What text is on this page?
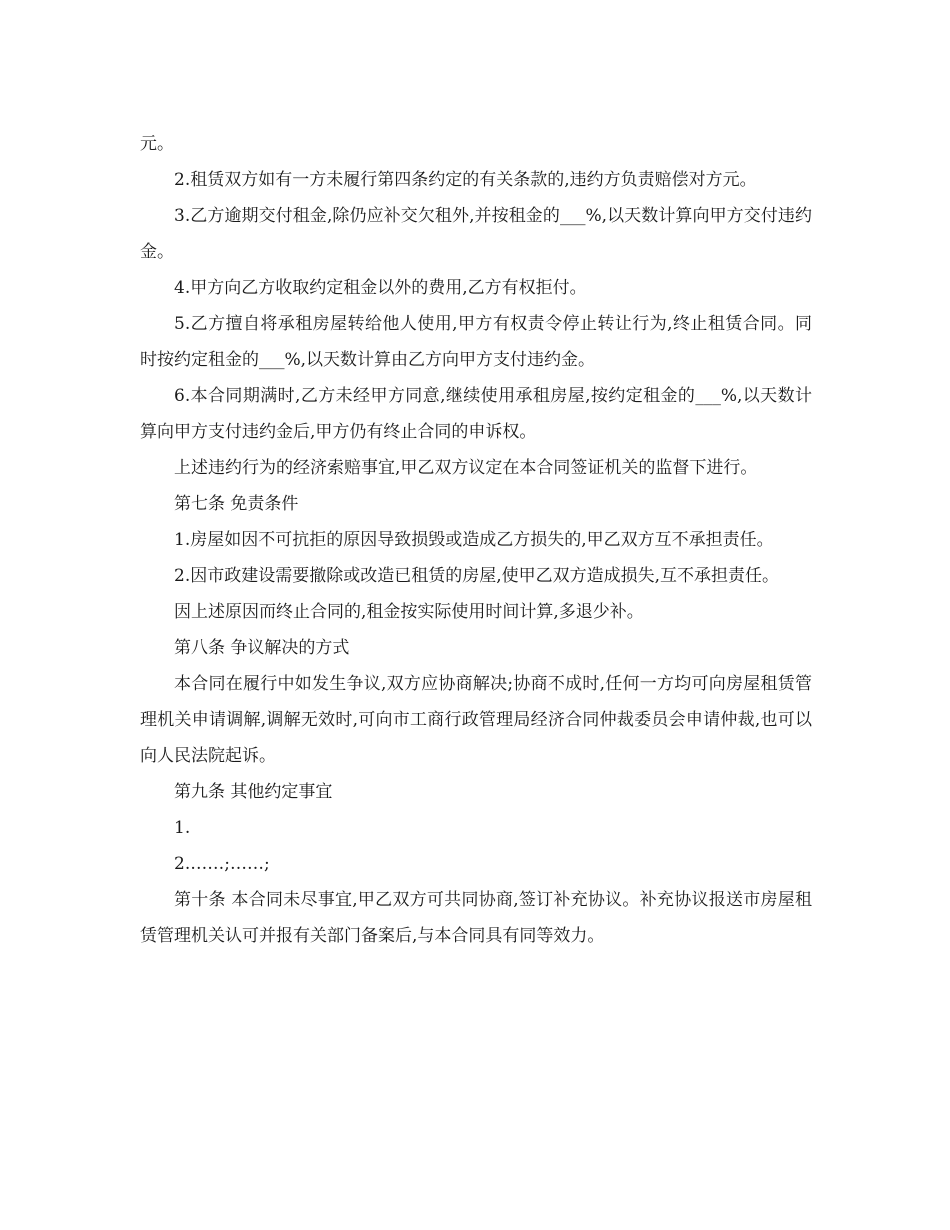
元。

2.租赁双方如有一方未履行第四条约定的有关条款的,违约方负责赔偿对方元。

3.乙方逾期交付租金,除仍应补交欠租外,并按租金的___%,以天数计算向甲方交付违约金。

4.甲方向乙方收取约定租金以外的费用,乙方有权拒付。

5.乙方擅自将承租房屋转给他人使用,甲方有权责令停止转让行为,终止租赁合同。同时按约定租金的___%,以天数计算由乙方向甲方支付违约金。

6.本合同期满时,乙方未经甲方同意,继续使用承租房屋,按约定租金的___%,以天数计算向甲方支付违约金后,甲方仍有终止合同的申诉权。

上述违约行为的经济索赔事宜,甲乙双方议定在本合同签证机关的监督下进行。

第七条 免责条件

1.房屋如因不可抗拒的原因导致损毁或造成乙方损失的,甲乙双方互不承担责任。

2.因市政建设需要撤除或改造已租赁的房屋,使甲乙双方造成损失,互不承担责任。

因上述原因而终止合同的,租金按实际使用时间计算,多退少补。

第八条 争议解决的方式

本合同在履行中如发生争议,双方应协商解决;协商不成时,任何一方均可向房屋租赁管理机关申请调解,调解无效时,可向市工商行政管理局经济合同仲裁委员会申请仲裁,也可以向人民法院起诉。

第九条 其他约定事宜

1.

2.……;……;

第十条 本合同未尽事宜,甲乙双方可共同协商,签订补充协议。补充协议报送市房屋租赁管理机关认可并报有关部门备案后,与本合同具有同等效力。
